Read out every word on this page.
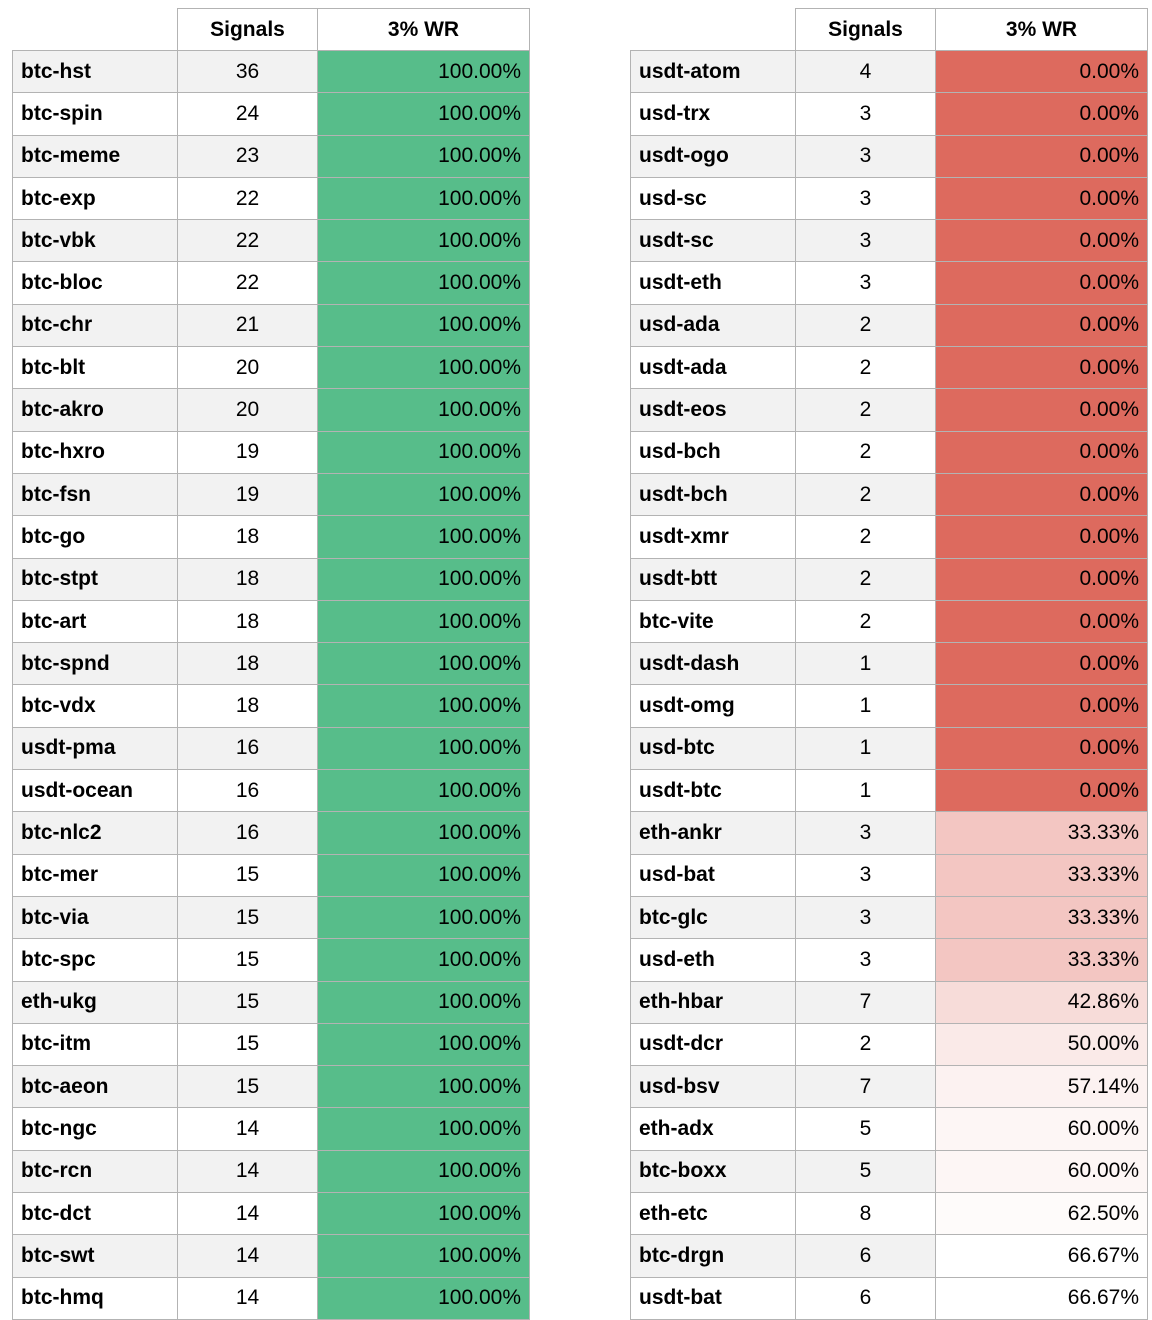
	Signals	3% WR
btc-hst	36	100.00%
btc-spin	24	100.00%
btc-meme	23	100.00%
btc-exp	22	100.00%
btc-vbk	22	100.00%
btc-bloc	22	100.00%
btc-chr	21	100.00%
btc-blt	20	100.00%
btc-akro	20	100.00%
btc-hxro	19	100.00%
btc-fsn	19	100.00%
btc-go	18	100.00%
btc-stpt	18	100.00%
btc-art	18	100.00%
btc-spnd	18	100.00%
btc-vdx	18	100.00%
usdt-pma	16	100.00%
usdt-ocean	16	100.00%
btc-nlc2	16	100.00%
btc-mer	15	100.00%
btc-via	15	100.00%
btc-spc	15	100.00%
eth-ukg	15	100.00%
btc-itm	15	100.00%
btc-aeon	15	100.00%
btc-ngc	14	100.00%
btc-rcn	14	100.00%
btc-dct	14	100.00%
btc-swt	14	100.00%
btc-hmq	14	100.00%
	Signals	3% WR
usdt-atom	4	0.00%
usd-trx	3	0.00%
usdt-ogo	3	0.00%
usd-sc	3	0.00%
usdt-sc	3	0.00%
usdt-eth	3	0.00%
usd-ada	2	0.00%
usdt-ada	2	0.00%
usdt-eos	2	0.00%
usd-bch	2	0.00%
usdt-bch	2	0.00%
usdt-xmr	2	0.00%
usdt-btt	2	0.00%
btc-vite	2	0.00%
usdt-dash	1	0.00%
usdt-omg	1	0.00%
usd-btc	1	0.00%
usdt-btc	1	0.00%
eth-ankr	3	33.33%
usd-bat	3	33.33%
btc-glc	3	33.33%
usd-eth	3	33.33%
eth-hbar	7	42.86%
usdt-dcr	2	50.00%
usd-bsv	7	57.14%
eth-adx	5	60.00%
btc-boxx	5	60.00%
eth-etc	8	62.50%
btc-drgn	6	66.67%
usdt-bat	6	66.67%
